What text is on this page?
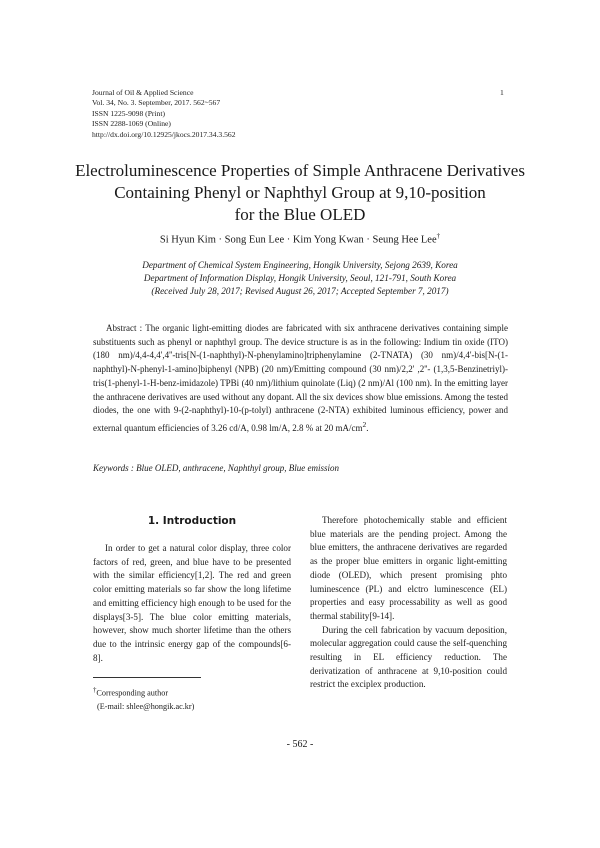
Journal of Oil & Applied Science
Vol. 34, No. 3. September, 2017. 562~567
ISSN 1225-9098 (Print)
ISSN 2288-1069 (Online)
http://dx.doi.org/10.12925/jkocs.2017.34.3.562
1
Electroluminescence Properties of Simple Anthracene Derivatives
Containing Phenyl or Naphthyl Group at 9,10-position
for the Blue OLED
Si Hyun Kim · Song Eun Lee · Kim Yong Kwan · Seung Hee Lee†
Department of Chemical System Engineering, Hongik University, Sejong 2639, Korea
Department of Information Display, Hongik University, Seoul, 121-791, South Korea
(Received July 28, 2017; Revised August 26, 2017; Accepted September 7, 2017)

Abstract : The organic light-emitting diodes are fabricated with six anthracene derivatives containing simple substituents such as phenyl or naphthyl group. The device structure is as in the following: Indium tin oxide (ITO) (180 nm)/4,4-4,4',4''-tris[N-(1-naphthyl)-N-phenylamino]triphenylamine (2-TNATA) (30 nm)/4,4'-bis[N-(1-naphthyl)-N-phenyl-1-amino]biphenyl (NPB) (20 nm)/Emitting compound (30 nm)/2,2' ,2''- (1,3,5-Benzinetriyl)-tris(1-phenyl-1-H-benz-imidazole) TPBi (40 nm)/lithium quinolate (Liq) (2 nm)/Al (100 nm). In the emitting layer the anthracene derivatives are used without any dopant. All the six devices show blue emissions. Among the tested diodes, the one with 9-(2-naphthyl)-10-(p-tolyl) anthracene (2-NTA) exhibited luminous efficiency, power and external quantum efficiencies of 3.26 cd/A, 0.98 lm/A, 2.8 % at 20 $mA/cm^2$.

Keywords : Blue OLED, anthracene, Naphthyl group, Blue emission
1. Introduction

In order to get a natural color display, three color factors of red, green, and blue have to be presented with the similar efficiency[1,2]. The red and green color emitting materials so far show the long lifetime and emitting efficiency high enough to be used for the displays[3-5]. The blue color emitting materials, however, show much shorter lifetime than the others due to the intrinsic energy gap of the compounds[6-8].

Therefore photochemically stable and efficient blue materials are the pending project. Among the blue emitters, the anthracene derivatives are regarded as the proper blue emitters in organic light-emitting diode (OLED), which present promising phto luminescence (PL) and elctro luminescence (EL) properties and easy processability as well as good thermal stability[9-14].

During the cell fabrication by vacuum deposition, molecular aggregation could cause the self-quenching resulting in EL efficiency reduction. The derivatization of anthracene at 9,10-position could restrict the exciplex production.

†Corresponding author
(E-mail: shlee@hongik.ac.kr)
- 562 -
